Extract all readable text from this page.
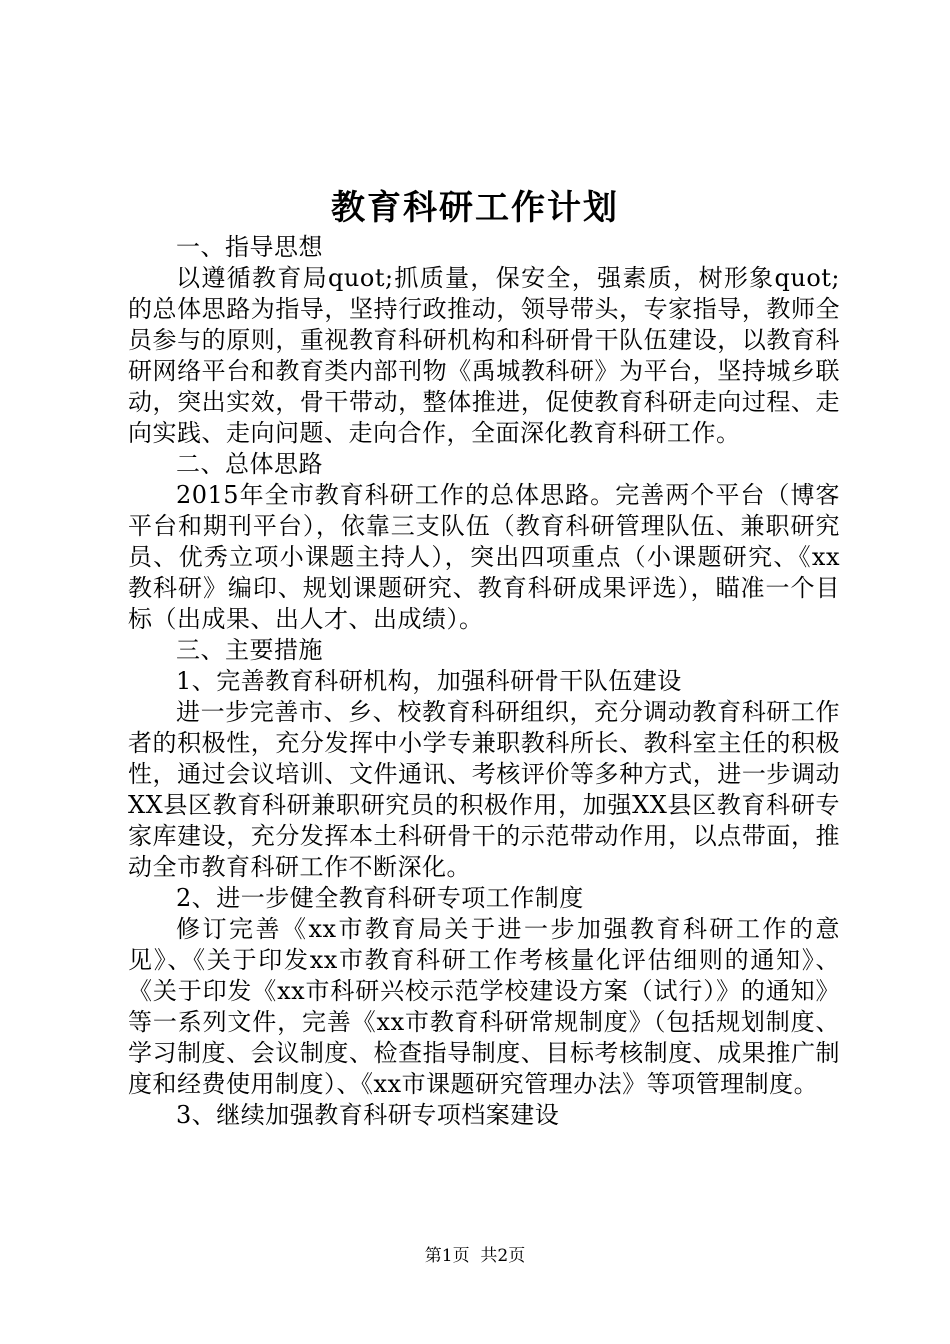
教育科研工作计划

一、指导思想

以遵循教育局quot;抓质量，保安全，强素质，树形象quot;的总体思路为指导，坚持行政推动，领导带头，专家指导，教师全员参与的原则，重视教育科研机构和科研骨干队伍建设，以教育科研网络平台和教育类内部刊物《禹城教科研》为平台，坚持城乡联动，突出实效，骨干带动，整体推进，促使教育科研走向过程、走向实践、走向问题、走向合作，全面深化教育科研工作。

二、总体思路

2015年全市教育科研工作的总体思路。完善两个平台（博客平台和期刊平台），依靠三支队伍（教育科研管理队伍、兼职研究员、优秀立项小课题主持人），突出四项重点（小课题研究、《xx教科研》编印、规划课题研究、教育科研成果评选），瞄准一个目标（出成果、出人才、出成绩）。

三、主要措施

1、完善教育科研机构，加强科研骨干队伍建设

进一步完善市、乡、校教育科研组织，充分调动教育科研工作者的积极性，充分发挥中小学专兼职教科所长、教科室主任的积极性，通过会议培训、文件通讯、考核评价等多种方式，进一步调动XX县区教育科研兼职研究员的积极作用，加强XX县区教育科研专家库建设，充分发挥本土科研骨干的示范带动作用，以点带面，推动全市教育科研工作不断深化。

2、进一步健全教育科研专项工作制度

修订完善《xx市教育局关于进一步加强教育科研工作的意见》、《关于印发xx市教育科研工作考核量化评估细则的通知》、《关于印发《xx市科研兴校示范学校建设方案（试行）》的通知》等一系列文件，完善《xx市教育科研常规制度》（包括规划制度、学习制度、会议制度、检查指导制度、目标考核制度、成果推广制度和经费使用制度）、《xx市课题研究管理办法》等项管理制度。

3、继续加强教育科研专项档案建设

第1页  共2页
